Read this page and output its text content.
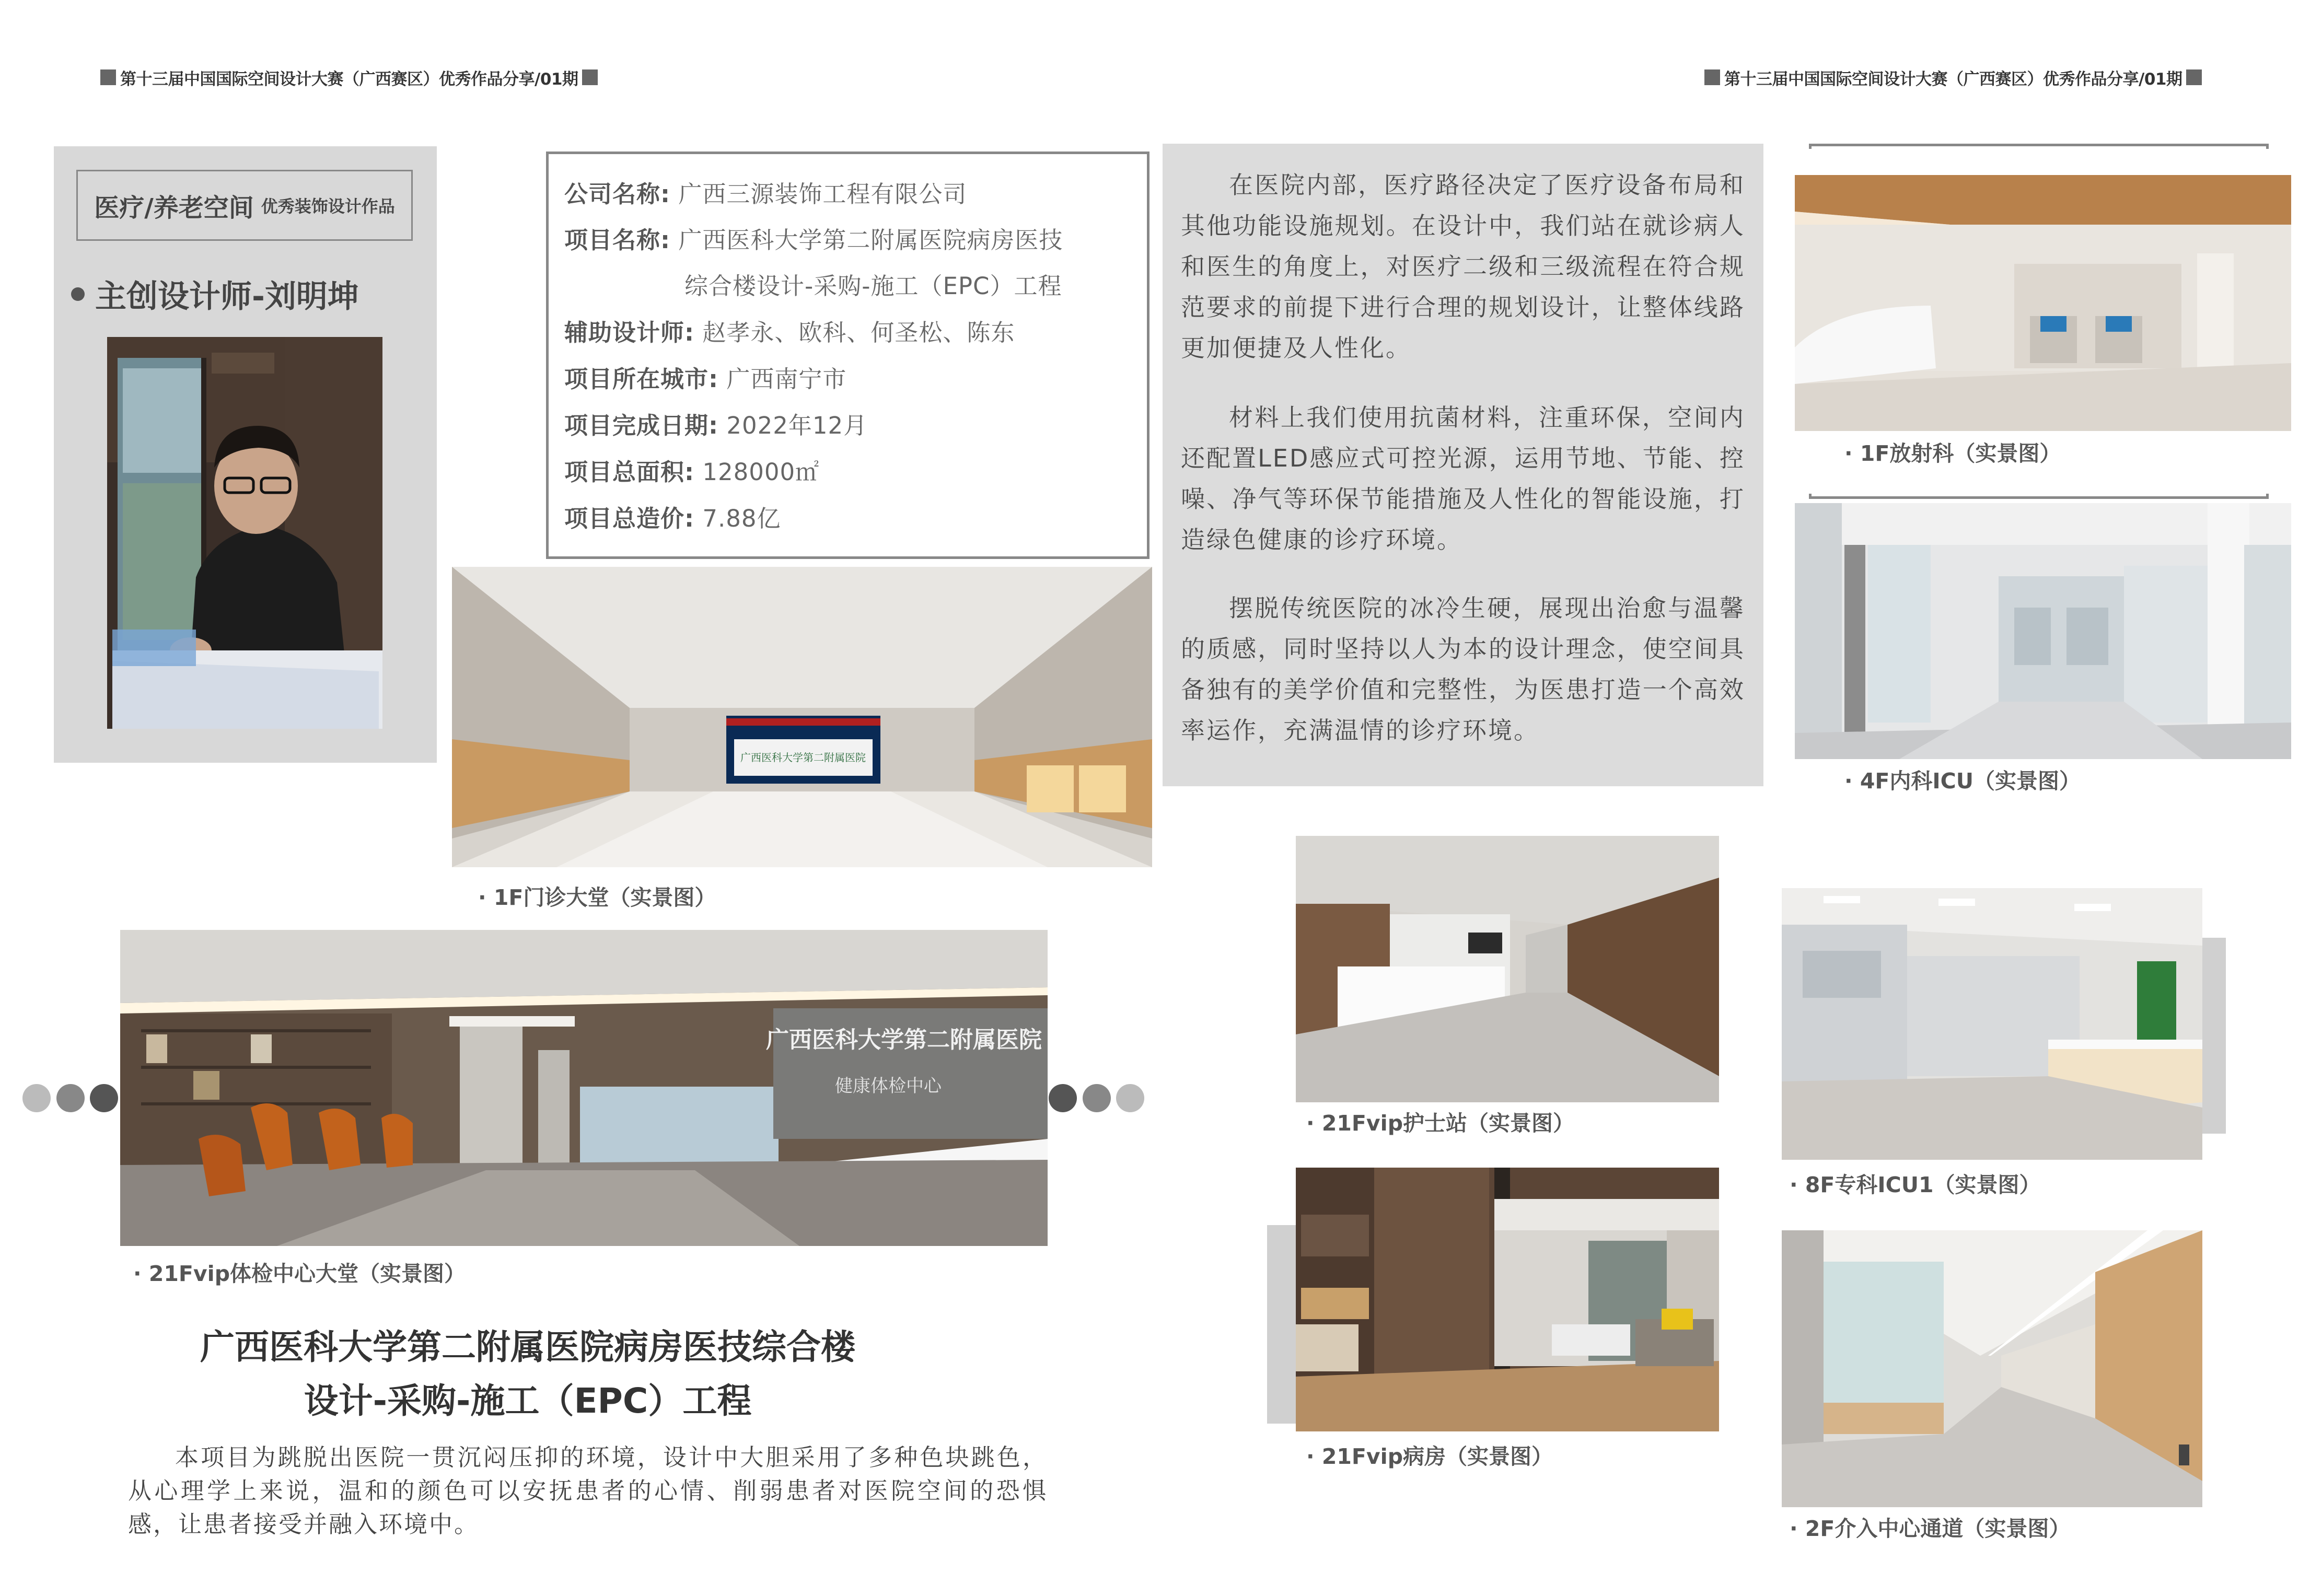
第十三届中国国际空间设计大赛（广西赛区）优秀作品分享/01期	第十三届中国国际空间设计大赛（广西赛区）优秀作品分享/01期
医疗/养老空间 优秀装饰设计作品
主创设计师-刘明坤
公司名称: 广西三源装饰工程有限公司
项目名称: 广西医科大学第二附属医院病房医技
综合楼设计-采购-施工（EPC）工程
辅助设计师: 赵孝永、欧科、何圣松、陈东
项目所在城市: 广西南宁市
项目完成日期: 2022年12月
项目总面积: 128000㎡
项目总造价: 7.88亿
广西医科大学第二附属医院
· 1F门诊大堂（实景图）
在医院内部，医疗路径决定了医疗设备布局和其他功能设施规划。在设计中，我们站在就诊病人和医生的角度上，对医疗二级和三级流程在符合规范要求的前提下进行合理的规划设计，让整体线路更加便捷及人性化。
材料上我们使用抗菌材料，注重环保，空间内还配置LED感应式可控光源，运用节地、节能、控噪、净气等环保节能措施及人性化的智能设施，打造绿色健康的诊疗环境。
摆脱传统医院的冰冷生硬，展现出治愈与温馨的质感，同时坚持以人为本的设计理念，使空间具备独有的美学价值和完整性，为医患打造一个高效率运作，充满温情的诊疗环境。
· 1F放射科（实景图）
· 4F内科ICU（实景图）
广西医科大学第二附属医院
健康体检中心
· 21Fvip体检中心大堂（实景图）
· 21Fvip护士站（实景图）
· 8F专科ICU1（实景图）
· 21Fvip病房（实景图）
· 2F介入中心通道（实景图）
广西医科大学第二附属医院病房医技综合楼
设计-采购-施工（EPC）工程
本项目为跳脱出医院一贯沉闷压抑的环境，设计中大胆采用了多种色块跳色，从心理学上来说，温和的颜色可以安抚患者的心情、削弱患者对医院空间的恐惧感，让患者接受并融入环境中。
